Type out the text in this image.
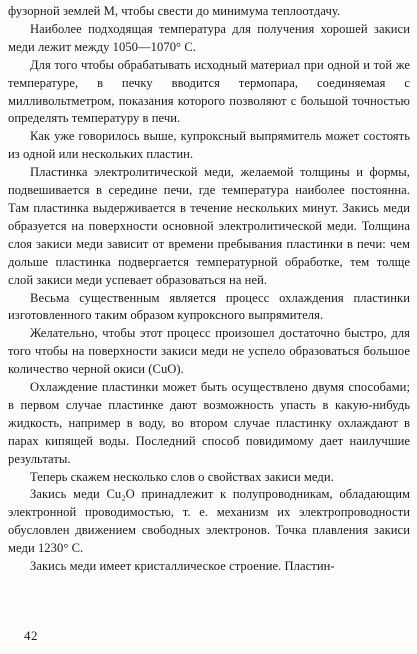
фузорной землей M, чтобы свести до минимума теплоотдачу.

Наиболее подходящая температура для получения хорошей закиси меди лежит между 1050—1070° С.

Для того чтобы обрабатывать исходный материал при одной и той же температуре, в печку вводится термопара, соединяемая с милливольтметром, показания которого позволяют с большой точностью определять температуру в печи.

Как уже говорилось выше, купроксный выпрямитель может состоять из одной или нескольких пластин.

Пластинка электролитической меди, желаемой толщины и формы, подвешивается в середине печи, где температура наиболее постоянна. Там пластинка выдерживается в течение нескольких минут. Закись меди образуется на поверхности основной электролитической меди. Толщина слоя закиси меди зависит от времени пребывания пластинки в печи: чем дольше пластинка подвергается температурной обработке, тем толще слой закиси меди успевает образоваться на ней.

Весьма существенным является процесс охлаждения пластинки изготовленного таким образом купроксного выпрямителя.

Желательно, чтобы этот процесс произошел достаточно быстро, для того чтобы на поверхности закиси меди не успело образоваться большое количество черной окиси (CuO).

Охлаждение пластинки может быть осуществлено двумя способами; в первом случае пластинке дают возможность упасть в какую-нибудь жидкость, например в воду, во втором случае пластинку охлаждают в парах кипящей воды. Последний способ повидимому дает наилучшие результаты.

Теперь скажем несколько слов о свойствах закиси меди.

Закись меди Cu₂O принадлежит к полупроводникам, обладающим электронной проводимостью, т. е. механизм их электропроводности обусловлен движением свободных электронов. Точка плавления закиси меди 1230° С.

Закись меди имеет кристаллическое строение. Пластин-

42
